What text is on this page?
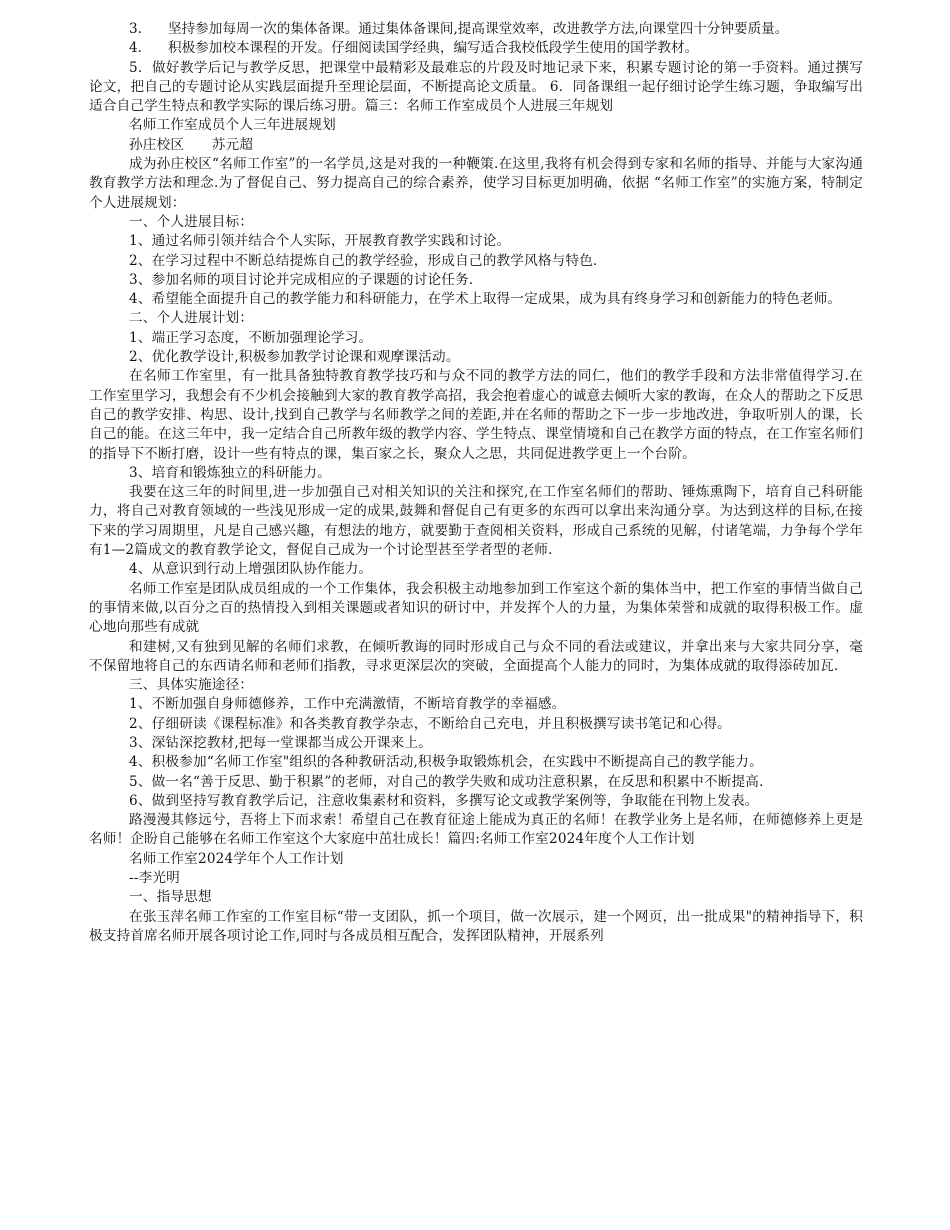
3. 坚持参加每周一次的集体备课。通过集体备课间,提高课堂效率，改进教学方法,向课堂四十分钟要质量。

4. 积极参加校本课程的开发。仔细阅读国学经典，编写适合我校低段学生使用的国学教材。

5．做好教学后记与教学反思，把课堂中最精彩及最难忘的片段及时地记录下来，积累专题讨论的第一手资料。通过撰写论文，把自己的专题讨论从实践层面提升至理论层面，不断提高论文质量。 6．同备课组一起仔细讨论学生练习题，争取编写出适合自己学生特点和教学实际的课后练习册。篇三：名师工作室成员个人进展三年规划

名师工作室成员个人三年进展规划

孙庄校区　　苏元超

成为孙庄校区“名师工作室”的一名学员,这是对我的一种鞭策.在这里,我将有机会得到专家和名师的指导、并能与大家沟通教育教学方法和理念.为了督促自己、努力提高自己的综合素养，使学习目标更加明确，依据 “名师工作室”的实施方案，特制定个人进展规划：

一、个人进展目标：

1、通过名师引领并结合个人实际，开展教育教学实践和讨论。

2、在学习过程中不断总结提炼自己的教学经验，形成自己的教学风格与特色．

3、参加名师的项目讨论并完成相应的子课题的讨论任务．

4、希望能全面提升自己的教学能力和科研能力，在学术上取得一定成果，成为具有终身学习和创新能力的特色老师。

二、个人进展计划：

1、端正学习态度，不断加强理论学习。

2、优化教学设计,积极参加教学讨论课和观摩课活动。

在名师工作室里，有一批具备独特教育教学技巧和与众不同的教学方法的同仁，他们的教学手段和方法非常值得学习.在工作室里学习，我想会有不少机会接触到大家的教育教学高招，我会抱着虚心的诚意去倾听大家的教诲，在众人的帮助之下反思自己的教学安排、构思、设计,找到自己教学与名师教学之间的差距,并在名师的帮助之下一步一步地改进，争取听别人的课，长自己的能。在这三年中，我一定结合自己所教年级的教学内容、学生特点、课堂情境和自己在教学方面的特点，在工作室名师们的指导下不断打磨，设计一些有特点的课，集百家之长，聚众人之思，共同促进教学更上一个台阶。

3、培育和锻炼独立的科研能力。

我要在这三年的时间里,进一步加强自己对相关知识的关注和探究,在工作室名师们的帮助、锤炼熏陶下，培育自己科研能力，将自己对教育领域的一些浅见形成一定的成果,鼓舞和督促自己有更多的东西可以拿出来沟通分享。为达到这样的目标,在接下来的学习周期里，凡是自己感兴趣，有想法的地方，就要勤于查阅相关资料，形成自己系统的见解，付诸笔端，力争每个学年有1—2篇成文的教育教学论文，督促自己成为一个讨论型甚至学者型的老师．

4、从意识到行动上增强团队协作能力。

名师工作室是团队成员组成的一个工作集体，我会积极主动地参加到工作室这个新的集体当中，把工作室的事情当做自己的事情来做,以百分之百的热情投入到相关课题或者知识的研讨中，并发挥个人的力量，为集体荣誉和成就的取得积极工作。虚心地向那些有成就

和建树,又有独到见解的名师们求教，在倾听教诲的同时形成自己与众不同的看法或建议，并拿出来与大家共同分享，毫不保留地将自己的东西请名师和老师们指教，寻求更深层次的突破，全面提高个人能力的同时，为集体成就的取得添砖加瓦．

三、具体实施途径：

1、不断加强自身师德修养，工作中充满激情，不断培育教学的幸福感。

2、仔细研读《课程标准》和各类教育教学杂志，不断给自己充电，并且积极撰写读书笔记和心得。

3、深钻深挖教材,把每一堂课都当成公开课来上。

4、积极参加“名师工作室"组织的各种教研活动,积极争取锻炼机会，在实践中不断提高自己的教学能力。

5、做一名“善于反思、勤于积累”的老师，对自己的教学失败和成功注意积累，在反思和积累中不断提高．

6、做到坚持写教育教学后记，注意收集素材和资料，多撰写论文或教学案例等，争取能在刊物上发表。

路漫漫其修远兮，吾将上下而求索！希望自己在教育征途上能成为真正的名师！在教学业务上是名师，在师德修养上更是名师！企盼自己能够在名师工作室这个大家庭中茁壮成长！篇四:名师工作室2024年度个人工作计划

名师工作室2024学年个人工作计划

--李光明

一、指导思想

在张玉萍名师工作室的工作室目标“带一支团队，抓一个项目，做一次展示，建一个网页，出一批成果"的精神指导下，积极支持首席名师开展各项讨论工作,同时与各成员相互配合，发挥团队精神，开展系列
